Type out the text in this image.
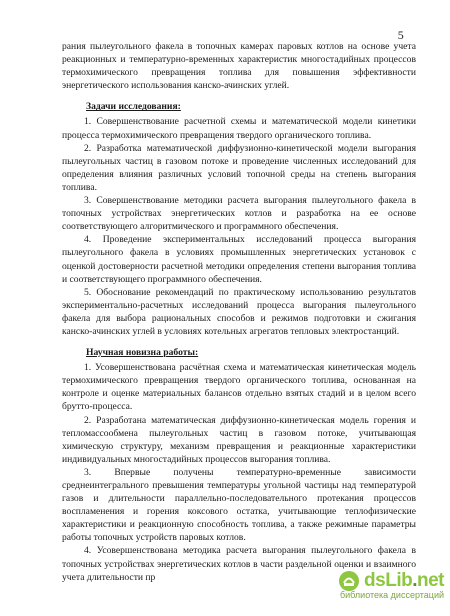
5

рания пылеугольного факела в топочных камерах паровых котлов на основе учета реакционных и температурно-временных характеристик многостадийных процессов термохимического превращения топлива для повышения эффективности энергетического использования канско-ачинских углей.

Задачи исследования:

1. Совершенствование расчетной схемы и математической модели кинетики процесса термохимического превращения твердого органического топлива.

2. Разработка математической диффузионно-кинетической модели выгорания пылеугольных частиц в газовом потоке и проведение численных исследований для определения влияния различных условий топочной среды на степень выгорания топлива.

3. Совершенствование методики расчета выгорания пылеугольного факела в топочных устройствах энергетических котлов и разработка на ее основе соответствующего алгоритмического и программного обеспечения.

4. Проведение экспериментальных исследований процесса выгорания пылеугольного факела в условиях промышленных энергетических установок с оценкой достоверности расчетной методики определения степени выгорания топлива и соответствующего программного обеспечения.

5. Обоснование рекомендаций по практическому использованию результатов экспериментально-расчетных исследований процесса выгорания пылеугольного факела для выбора рациональных способов и режимов подготовки и сжигания канско-ачинских углей в условиях котельных агрегатов тепловых электростанций.

Научная новизна работы:

1. Усовершенствована расчётная схема и математическая кинетическая модель термохимического превращения твердого органического топлива, основанная на контроле и оценке материальных балансов отдельно взятых стадий и в целом всего брутто-процесса.

2. Разработана математическая диффузионно-кинетическая модель горения и тепломассообмена пылеугольных частиц в газовом потоке, учитывающая химическую структуру, механизм превращения и реакционные характеристики индивидуальных многостадийных процессов выгорания топлива.

3. Впервые получены температурно-временные зависимости среднеинтегрального превышения температуры угольной частицы над температурой газов и длительности параллельно-последовательного протекания процессов воспламенения и горения коксового остатка, учитывающие теплофизические характеристики и реакционную способность топлива, а также режимные параметры работы топочных устройств паровых котлов.

4. Усовершенствована методика расчета выгорания пылеугольного факела в топочных устройствах энергетических котлов в части раздельной оценки и взаимного учета длительности пр	dsLib.net
библиотека диссертаций
